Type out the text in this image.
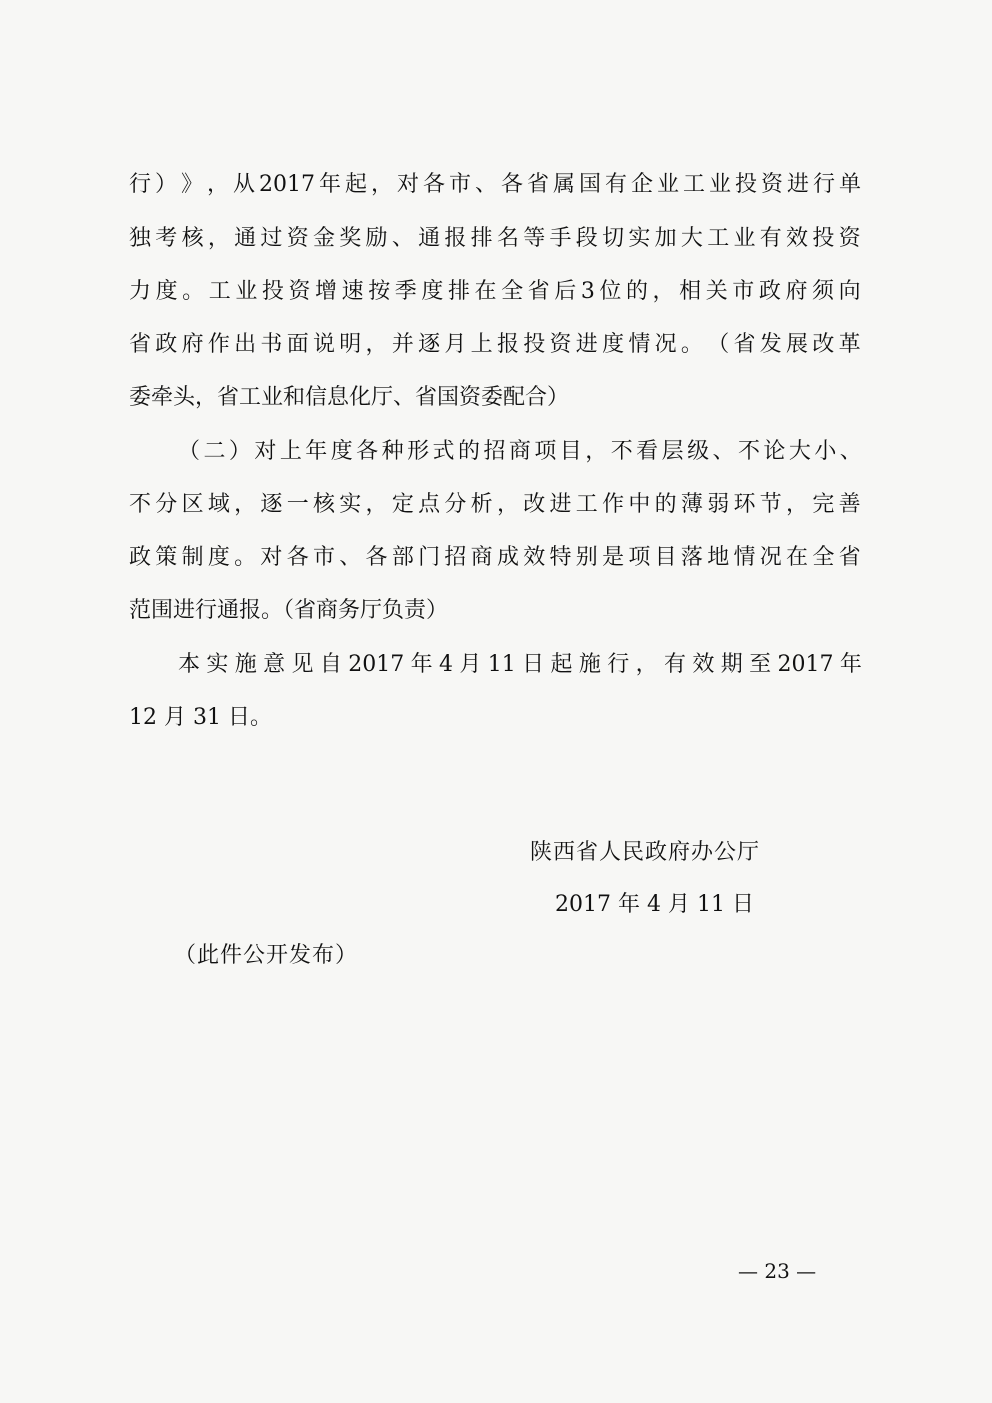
行 ） 》 ， 从 2017 年 起 ， 对 各 市 、 各 省 属 国 有 企 业 工 业 投 资 进 行 单
独 考 核 ， 通 过 资 金 奖 励 、 通 报 排 名 等 手 段 切 实 加 大 工 业 有 效 投 资
力 度 。 工 业 投 资 增 速 按 季 度 排 在 全 省 后 3 位 的 ， 相 关 市 政 府 须 向
省 政 府 作 出 书 面 说 明 ， 并 逐 月 上 报 投 资 进 度 情 况 。 （ 省 发 展 改 革
委牵头，省工业和信息化厅、省国资委配合）
（ 二 ） 对 上 年 度 各 种 形 式 的 招 商 项 目 ， 不 看 层 级 、 不 论 大 小 、
不 分 区 域 ， 逐 一 核 实 ， 定 点 分 析 ， 改 进 工 作 中 的 薄 弱 环 节 ， 完 善
政 策 制 度 。 对 各 市 、 各 部 门 招 商 成 效 特 别 是 项 目 落 地 情 况 在 全 省
范围进行通报。（省商务厅负责）
本 实 施 意 见 自 2017 年 4 月 11 日 起 施 行 ， 有 效 期 至 2017 年
12 月 31 日。
陕西省人民政府办公厅
2017 年 4 月 11 日
（此件公开发布）
— 23 —
